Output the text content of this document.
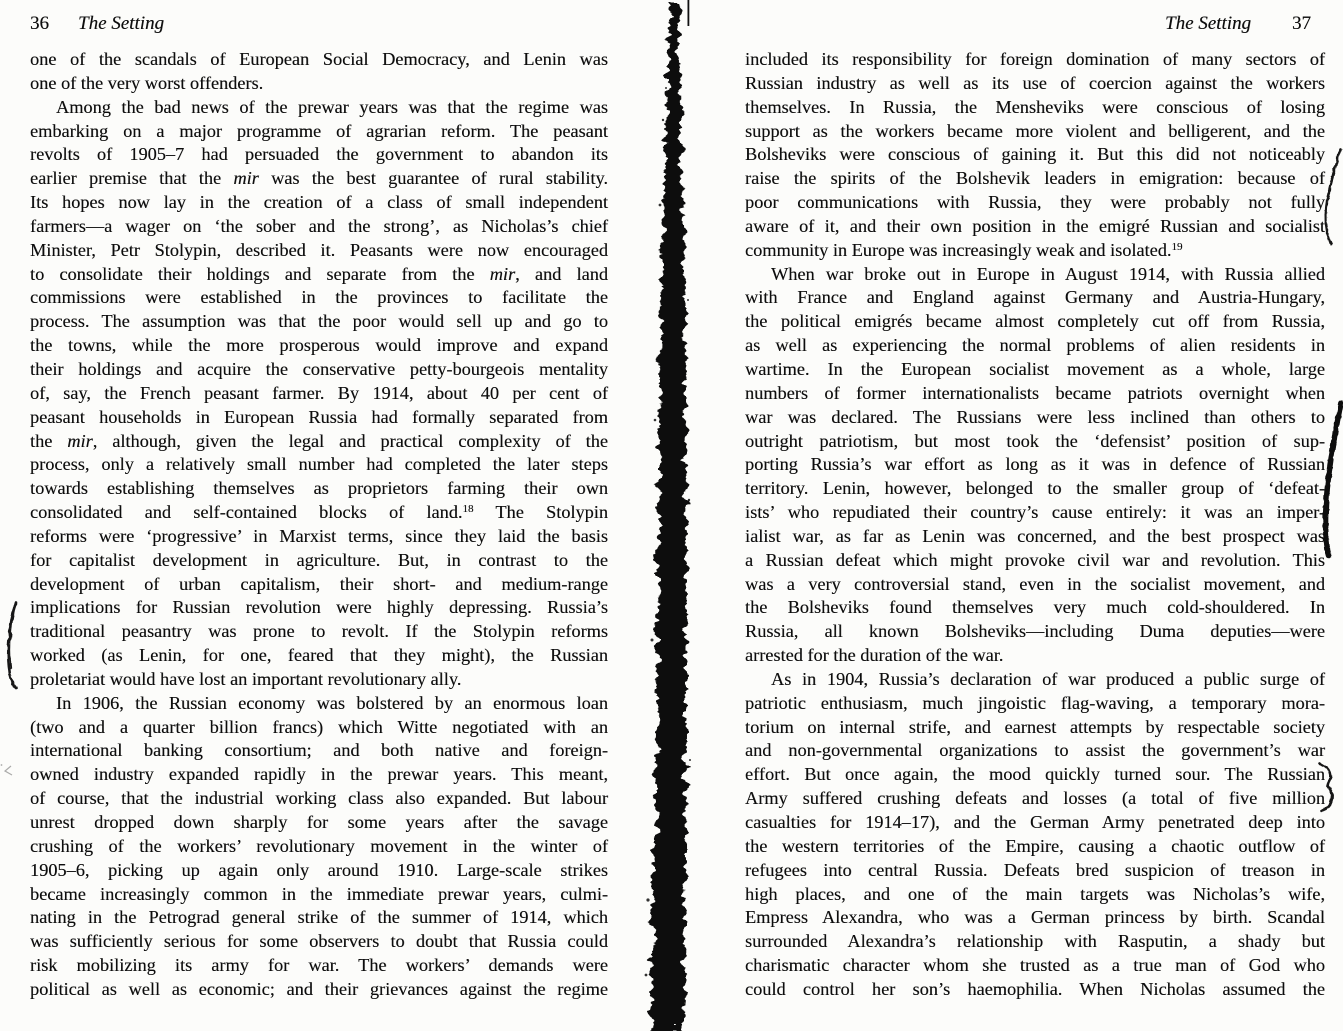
36 The Setting	The Setting 37
one of the scandals of European Social Democracy, and Lenin was
one of the very worst offenders.
Among the bad news of the prewar years was that the regime was
embarking on a major programme of agrarian reform. The peasant
revolts of 1905–7 had persuaded the government to abandon its
earlier premise that the mir was the best guarantee of rural stability.
Its hopes now lay in the creation of a class of small independent
farmers—a wager on ‘the sober and the strong’, as Nicholas’s chief
Minister, Petr Stolypin, described it. Peasants were now encouraged
to consolidate their holdings and separate from the mir, and land
commissions were established in the provinces to facilitate the
process. The assumption was that the poor would sell up and go to
the towns, while the more prosperous would improve and expand
their holdings and acquire the conservative petty-bourgeois mentality
of, say, the French peasant farmer. By 1914, about 40 per cent of
peasant households in European Russia had formally separated from
the mir, although, given the legal and practical complexity of the
process, only a relatively small number had completed the later steps
towards establishing themselves as proprietors farming their own
consolidated and self-contained blocks of land.$^{18}$ The Stolypin
reforms were ‘progressive’ in Marxist terms, since they laid the basis
for capitalist development in agriculture. But, in contrast to the
development of urban capitalism, their short- and medium-range
implications for Russian revolution were highly depressing. Russia’s
traditional peasantry was prone to revolt. If the Stolypin reforms
worked (as Lenin, for one, feared that they might), the Russian
proletariat would have lost an important revolutionary ally.
In 1906, the Russian economy was bolstered by an enormous loan
(two and a quarter billion francs) which Witte negotiated with an
international banking consortium; and both native and foreign-
owned industry expanded rapidly in the prewar years. This meant,
of course, that the industrial working class also expanded. But labour
unrest dropped down sharply for some years after the savage
crushing of the workers’ revolutionary movement in the winter of
1905–6, picking up again only around 1910. Large-scale strikes
became increasingly common in the immediate prewar years, culmi-
nating in the Petrograd general strike of the summer of 1914, which
was sufficiently serious for some observers to doubt that Russia could
risk mobilizing its army for war. The workers’ demands were
political as well as economic; and their grievances against the regime
included its responsibility for foreign domination of many sectors of
Russian industry as well as its use of coercion against the workers
themselves. In Russia, the Mensheviks were conscious of losing
support as the workers became more violent and belligerent, and the
Bolsheviks were conscious of gaining it. But this did not noticeably
raise the spirits of the Bolshevik leaders in emigration: because of
poor communications with Russia, they were probably not fully
aware of it, and their own position in the emigré Russian and socialist
community in Europe was increasingly weak and isolated.$^{19}$
When war broke out in Europe in August 1914, with Russia allied
with France and England against Germany and Austria-Hungary,
the political emigrés became almost completely cut off from Russia,
as well as experiencing the normal problems of alien residents in
wartime. In the European socialist movement as a whole, large
numbers of former internationalists became patriots overnight when
war was declared. The Russians were less inclined than others to
outright patriotism, but most took the ‘defensist’ position of sup-
porting Russia’s war effort as long as it was in defence of Russian
territory. Lenin, however, belonged to the smaller group of ‘defeat-
ists’ who repudiated their country’s cause entirely: it was an imper-
ialist war, as far as Lenin was concerned, and the best prospect was
a Russian defeat which might provoke civil war and revolution. This
was a very controversial stand, even in the socialist movement, and
the Bolsheviks found themselves very much cold-shouldered. In
Russia, all known Bolsheviks—including Duma deputies—were
arrested for the duration of the war.
As in 1904, Russia’s declaration of war produced a public surge of
patriotic enthusiasm, much jingoistic flag-waving, a temporary mora-
torium on internal strife, and earnest attempts by respectable society
and non-governmental organizations to assist the government’s war
effort. But once again, the mood quickly turned sour. The Russian
Army suffered crushing defeats and losses (a total of five million
casualties for 1914–17), and the German Army penetrated deep into
the western territories of the Empire, causing a chaotic outflow of
refugees into central Russia. Defeats bred suspicion of treason in
high places, and one of the main targets was Nicholas’s wife,
Empress Alexandra, who was a German princess by birth. Scandal
surrounded Alexandra’s relationship with Rasputin, a shady but
charismatic character whom she trusted as a true man of God who
could control her son’s haemophilia. When Nicholas assumed the
